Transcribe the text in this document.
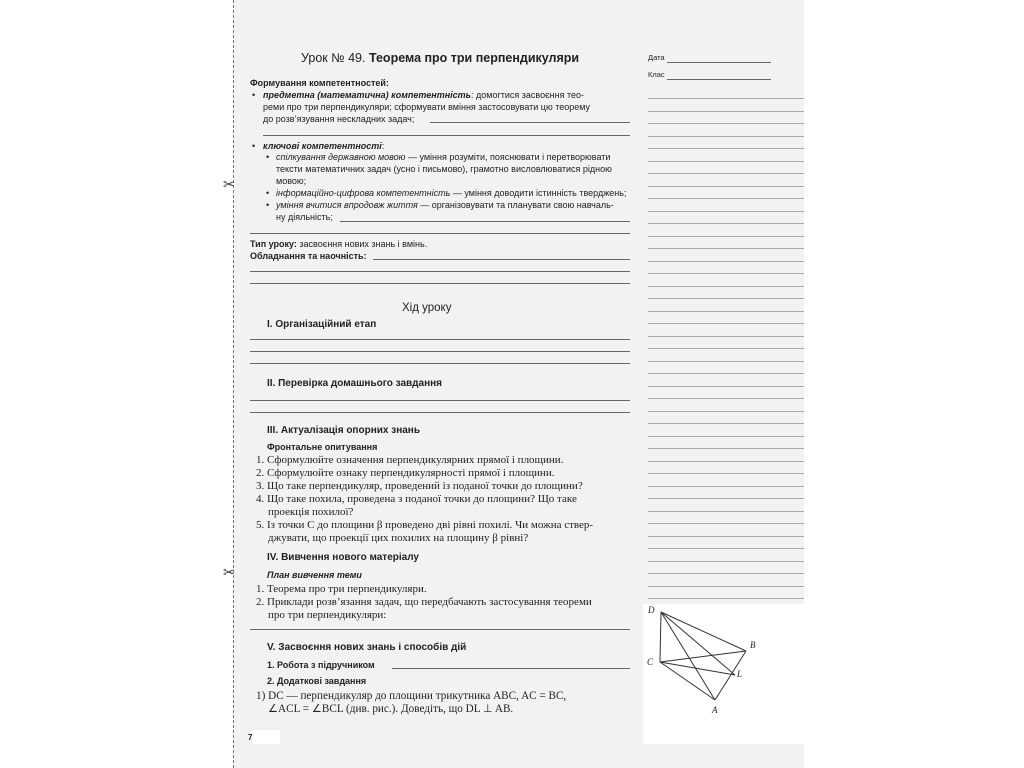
✂
✂
Урок № 49. Теорема про три перпендикуляри	Дата
Клас
Формування компетентностей:
• предметна (математична) компетентність: домогтися засвоєння тео-
реми про три перпендикуляри; сформувати вміння застосовувати цю теорему
до розв’язування нескладних задач;
• ключові компетентності:
• спілкування державною мовою — уміння розуміти, пояснювати і перетворювати
тексти математичних задач (усно і письмово), грамотно висловлюватися рідною
мовою;
• інформаційно-цифрова компетентність — уміння доводити істинність тверджень;
• уміння вчитися впродовж життя — організовувати та планувати свою навчаль-
ну діяльність;
Тип уроку: засвоєння нових знань і вмінь.
Обладнання та наочність:
Хід уроку
І. Організаційний етап
ІІ. Перевірка домашнього завдання
ІІІ. Актуалізація опорних знань
Фронтальне опитування
1. Сформулюйте означення перпендикулярних прямої і площини.
2. Сформулюйте ознаку перпендикулярності прямої і площини.
3. Що таке перпендикуляр, проведений із поданої точки до площини?
4. Що таке похила, проведена з поданої точки до площини? Що таке
проекція похилої?
5. Із точки C до площини β проведено дві рівні похилі. Чи можна ствер-
джувати, що проекції цих похилих на площину β рівні?
IV. Вивчення нового матеріалу
План вивчення теми
1. Теорема про три перпендикуляри.
2. Приклади розв’язання задач, що передбачають застосування теореми
про три перпендикуляри:
V. Засвоєння нових знань і способів дій
1. Робота з підручником
2. Додаткові завдання
1) DC — перпендикуляр до площини трикутника ABC, AC = BC,
∠ACL = ∠BCL (див. рис.). Доведіть, що DL ⊥ AB.
D
B
C
L
A
7
